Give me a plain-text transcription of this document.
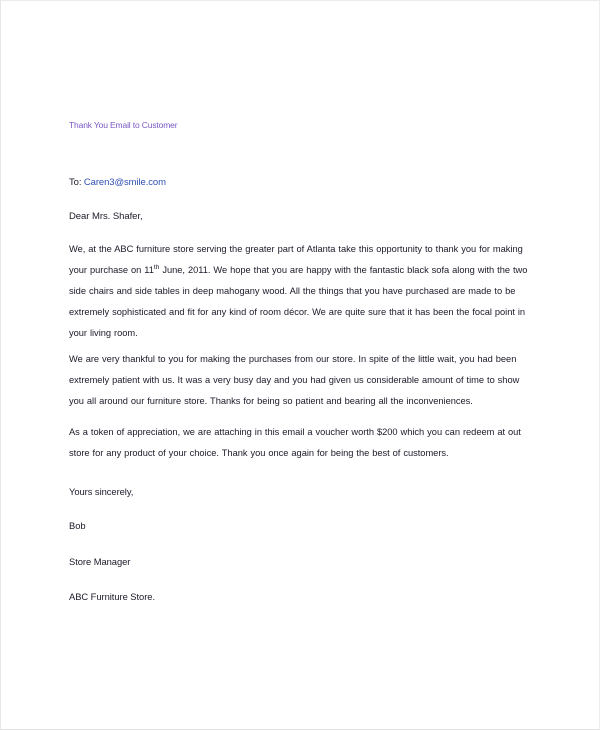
Thank You Email to Customer
To: Caren3@smile.com
Dear Mrs. Shafer,
We, at the ABC furniture store serving the greater part of Atlanta take this opportunity to thank you for making your purchase on 11th June, 2011. We hope that you are happy with the fantastic black sofa along with the two side chairs and side tables in deep mahogany wood. All the things that you have purchased are made to be extremely sophisticated and fit for any kind of room décor. We are quite sure that it has been the focal point in your living room.
We are very thankful to you for making the purchases from our store. In spite of the little wait, you had been extremely patient with us. It was a very busy day and you had given us considerable amount of time to show you all around our furniture store. Thanks for being so patient and bearing all the inconveniences.
As a token of appreciation, we are attaching in this email a voucher worth $200 which you can redeem at out store for any product of your choice. Thank you once again for being the best of customers.
Yours sincerely,
Bob
Store Manager
ABC Furniture Store.
